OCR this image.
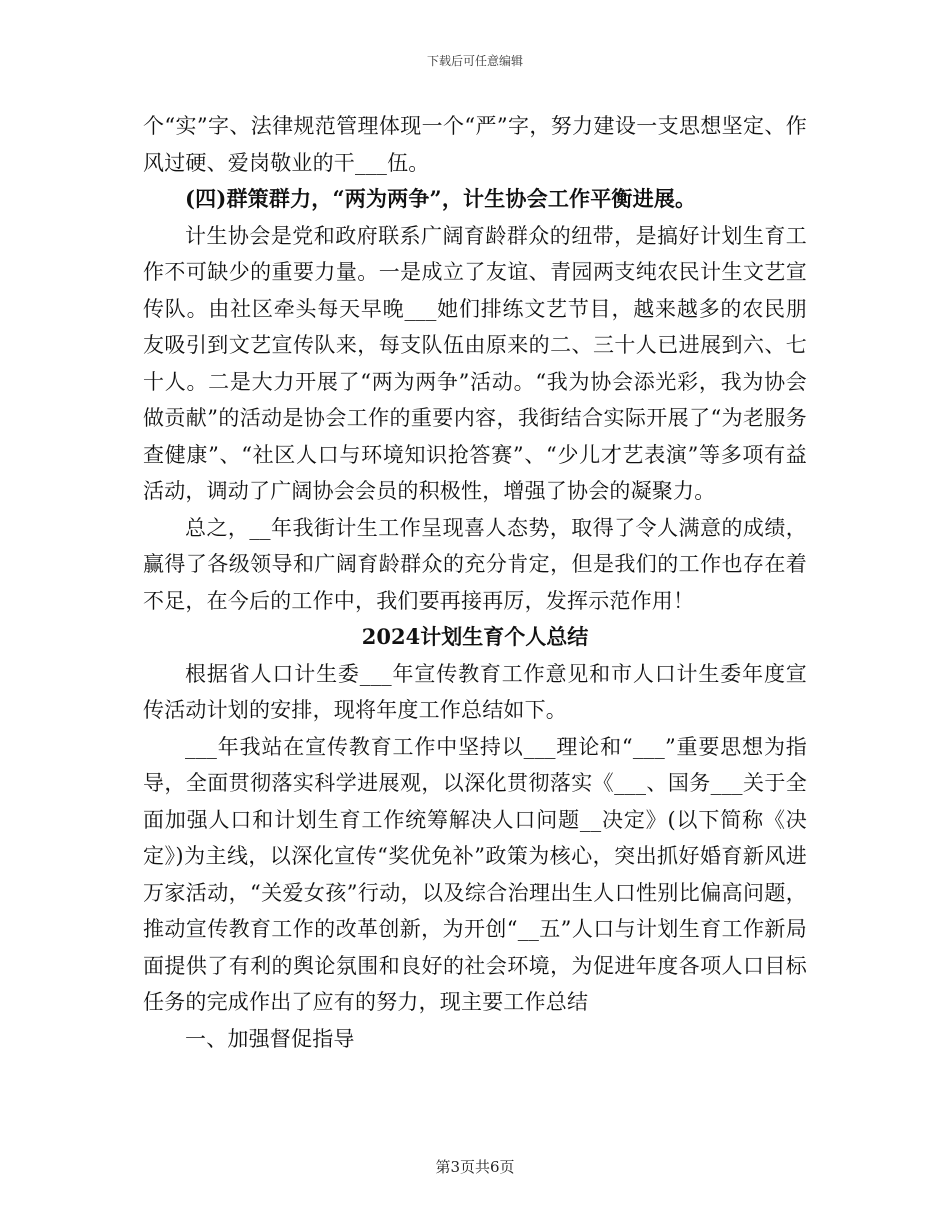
下载后可任意编辑

个“实”字、法律规范管理体现一个“严”字，努力建设一支思想坚定、作风过硬、爱岗敬业的干___伍。

(四)群策群力，“两为两争”，计生协会工作平衡进展。

计生协会是党和政府联系广阔育龄群众的纽带，是搞好计划生育工作不可缺少的重要力量。一是成立了友谊、青园两支纯农民计生文艺宣传队。由社区牵头每天早晚___她们排练文艺节目，越来越多的农民朋友吸引到文艺宣传队来，每支队伍由原来的二、三十人已进展到六、七十人。二是大力开展了“两为两争”活动。“我为协会添光彩，我为协会做贡献”的活动是协会工作的重要内容，我街结合实际开展了“为老服务查健康”、“社区人口与环境知识抢答赛”、“少儿才艺表演”等多项有益活动，调动了广阔协会会员的积极性，增强了协会的凝聚力。

总之，__年我街计生工作呈现喜人态势，取得了令人满意的成绩，赢得了各级领导和广阔育龄群众的充分肯定，但是我们的工作也存在着不足，在今后的工作中，我们要再接再厉，发挥示范作用！

2024计划生育个人总结

根据省人口计生委___年宣传教育工作意见和市人口计生委年度宣传活动计划的安排，现将年度工作总结如下。

___年我站在宣传教育工作中坚持以___理论和“___”重要思想为指导，全面贯彻落实科学进展观，以深化贯彻落实《___、国务___关于全面加强人口和计划生育工作统筹解决人口问题__决定》(以下简称《决定》)为主线，以深化宣传“奖优免补”政策为核心，突出抓好婚育新风进万家活动，“关爱女孩”行动，以及综合治理出生人口性别比偏高问题，推动宣传教育工作的改革创新，为开创“__五”人口与计划生育工作新局面提供了有利的舆论氛围和良好的社会环境，为促进年度各项人口目标任务的完成作出了应有的努力，现主要工作总结

一、加强督促指导

第3页共6页
